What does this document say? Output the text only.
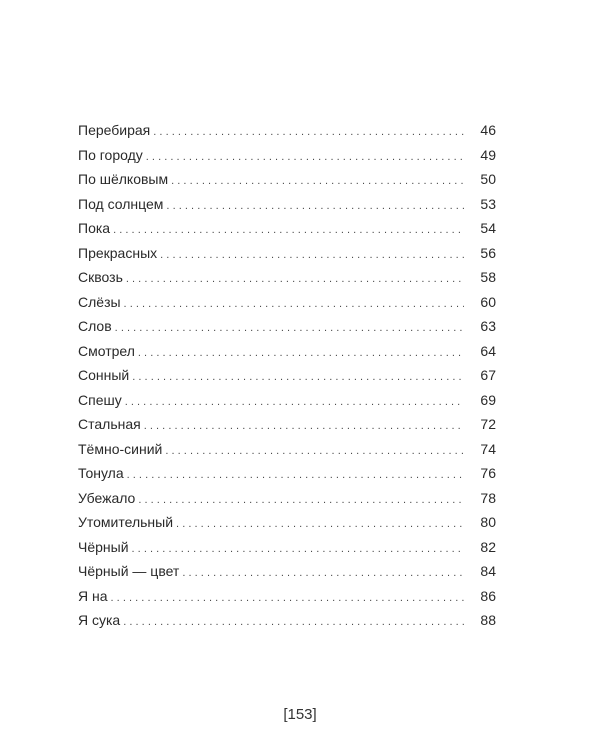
Перебирая .....	46
По городу .....	49
По шёлковым .....	50
Под солнцем .....	53
Пока .....	54
Прекрасных .....	56
Сквозь .....	58
Слёзы .....	60
Слов .....	63
Смотрел .....	64
Сонный .....	67
Спешу .....	69
Стальная .....	72
Тёмно-синий .....	74
Тонула .....	76
Убежало .....	78
Утомительный .....	80
Чёрный .....	82
Чёрный — цвет .....	84
Я на .....	86
Я сука .....	88
[153]
